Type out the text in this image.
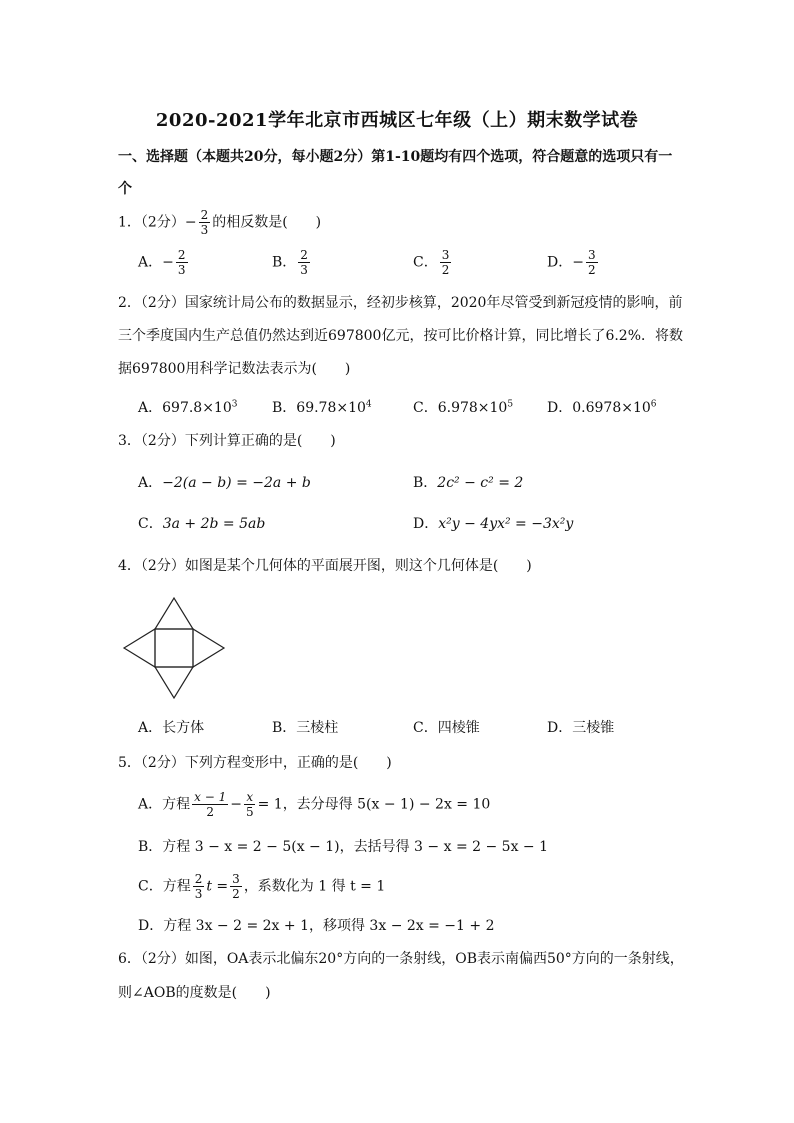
2020-2021学年北京市西城区七年级（上）期末数学试卷
一、选择题（本题共20分，每小题2分）第1-10题均有四个选项，符合题意的选项只有一
个
1．（2分）− $\frac{2}{3}$ 的相反数是(　　)
A．− $\frac{2}{3}$	B． $\frac{2}{3}$	C． $\frac{3}{2}$	D．− $\frac{3}{2}$
2．（2分）国家统计局公布的数据显示，经初步核算，2020年尽管受到新冠疫情的影响，前
三个季度国内生产总值仍然达到近697800亿元，按可比价格计算，同比增长了6.2%．将数
据697800用科学记数法表示为(　　)
A．$697.8\times 10^3$ B．$69.78\times 10^4$	C．$6.978\times 10^5$ D．$0.6978\times 10^6$
3．（2分）下列计算正确的是(　　)
A．−2(a − b) = −2a + b	B．2c² − c² = 2
C．3a + 2b = 5ab	D．x²y − 4yx² = −3x²y
4．（2分）如图是某个几何体的平面展开图，则这个几何体是(　　)
A．长方体	B．三棱柱	C．四棱锥	D．三棱锥
5．（2分）下列方程变形中，正确的是(　　)
A．方程 $\frac{x - 1}{2} - \frac{x}{5} = 1$，去分母得 5(x − 1) − 2x = 10
B．方程 3 − x = 2 − 5(x − 1)，去括号得 3 − x = 2 − 5x − 1
C．方程 $\frac{2}{3}$ $t = \frac{3}{2}$ ，系数化为 1 得 t = 1
D．方程 3x − 2 = 2x + 1，移项得 3x − 2x = −1 + 2
6．（2分）如图，OA表示北偏东20°方向的一条射线，OB表示南偏西50°方向的一条射线，
则∠AOB的度数是(　　)
